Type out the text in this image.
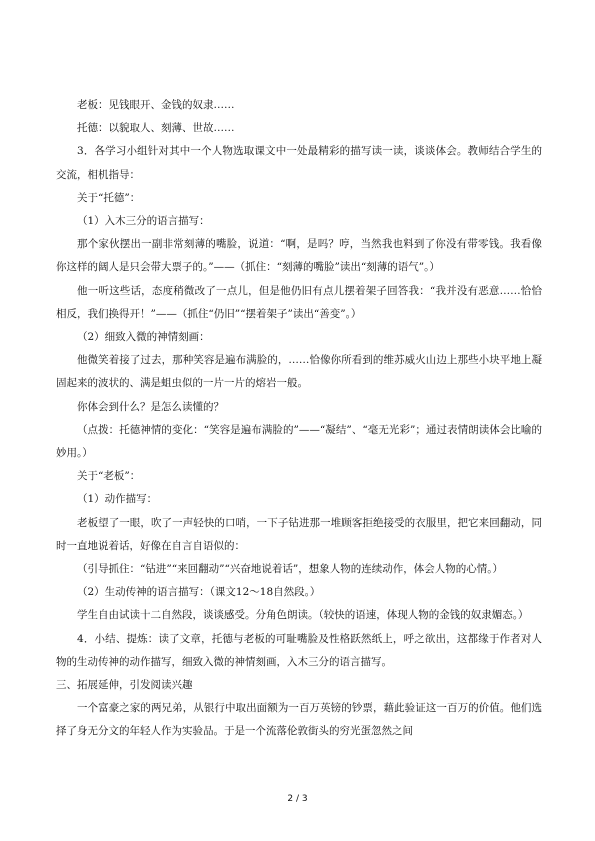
老板：见钱眼开、金钱的奴隶……

托德：以貌取人、刻薄、世故……

3．各学习小组针对其中一个人物选取课文中一处最精彩的描写读一读，谈谈体会。教师结合学生的交流，相机指导：

关于“托德”：

（1）入木三分的语言描写：

那个家伙摆出一副非常刻薄的嘴脸，说道：“啊，是吗？哼，当然我也料到了你没有带零钱。我看像你这样的阔人是只会带大票子的。”——（抓住：“刻薄的嘴脸”读出“刻薄的语气”。）

他一听这些话，态度稍微改了一点儿，但是他仍旧有点儿摆着架子回答我：“我并没有恶意……恰恰相反，我们换得开！”——（抓住“仍旧”“摆着架子”读出“善变”。）

（2）细致入微的神情刻画：

他微笑着接了过去，那种笑容是遍布满脸的，……恰像你所看到的维苏威火山边上那些小块平地上凝固起来的波状的、满是蛆虫似的一片一片的熔岩一般。

你体会到什么？是怎么读懂的？

（点拨：托德神情的变化：“笑容是遍布满脸的”——“凝结”、“毫无光彩”；通过表情朗读体会比喻的妙用。）

关于“老板”：

（1）动作描写：

老板望了一眼，吹了一声轻快的口哨，一下子钻进那一堆顾客拒绝接受的衣服里，把它来回翻动，同时一直地说着话，好像在自言自语似的：

（引导抓住：“钻进”“来回翻动”“兴奋地说着话”，想象人物的连续动作，体会人物的心情。）

（2）生动传神的语言描写：（课文12～18自然段。）

学生自由试读十二自然段，谈谈感受。分角色朗读。（较快的语速，体现人物的金钱的奴隶媚态。）

4．小结、提炼：读了文章，托德与老板的可耻嘴脸及性格跃然纸上，呼之欲出，这都缘于作者对人物的生动传神的动作描写，细致入微的神情刻画，入木三分的语言描写。

三、拓展延伸，引发阅读兴趣

一个富豪之家的两兄弟，从银行中取出面额为一百万英镑的钞票，藉此验证这一百万的价值。他们选择了身无分文的年轻人作为实验品。于是一个流落伦敦街头的穷光蛋忽然之间

2 / 3
